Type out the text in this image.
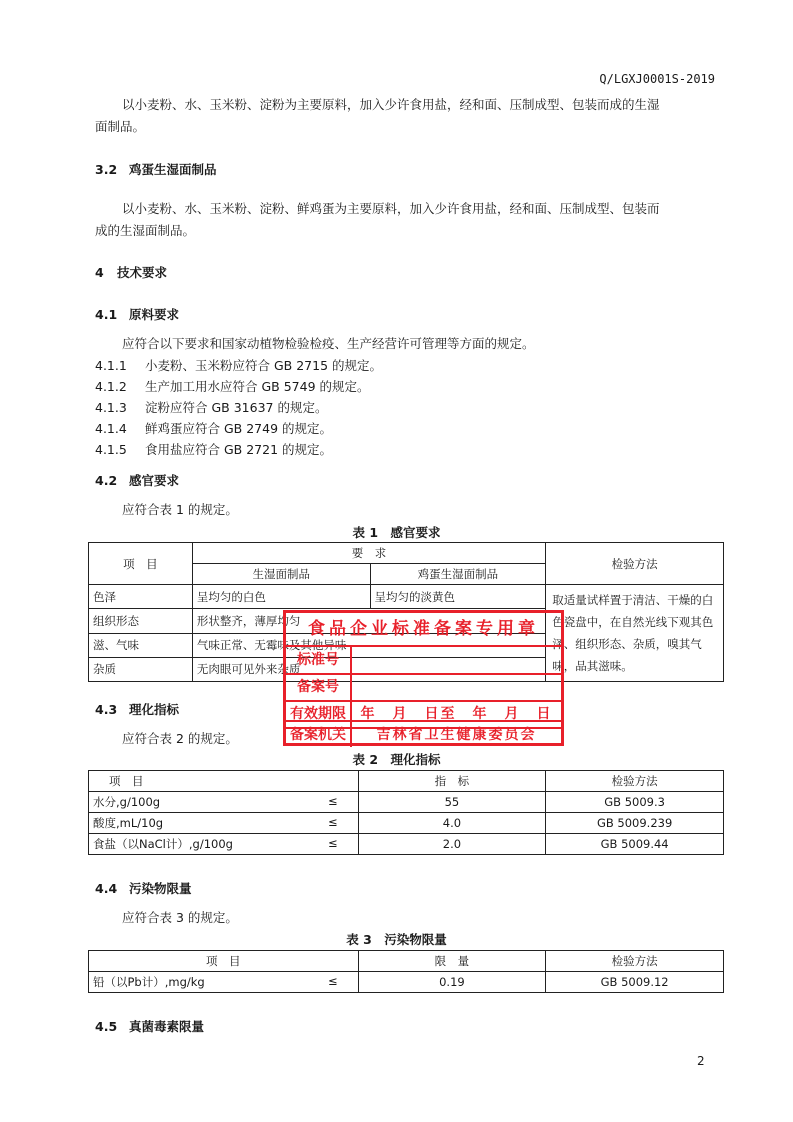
Q/LGXJ0001S-2019
以小麦粉、水、玉米粉、淀粉为主要原料，加入少许食用盐，经和面、压制成型、包装而成的生湿
面制品。
3.2 鸡蛋生湿面制品
以小麦粉、水、玉米粉、淀粉、鲜鸡蛋为主要原料，加入少许食用盐，经和面、压制成型、包装而
成的生湿面制品。
4 技术要求
4.1 原料要求
应符合以下要求和国家动植物检验检疫、生产经营许可管理等方面的规定。
4.1.1 小麦粉、玉米粉应符合 GB 2715 的规定。
4.1.2 生产加工用水应符合 GB 5749 的规定。
4.1.3 淀粉应符合 GB 31637 的规定。
4.1.4 鲜鸡蛋应符合 GB 2749 的规定。
4.1.5 食用盐应符合 GB 2721 的规定。
4.2 感官要求
应符合表 1 的规定。
表 1　感官要求
项　目	要　求		检验方法
	生湿面制品	鸡蛋生湿面制品	
色泽	呈均匀的白色	呈均匀的淡黄色	取适量试样置于清洁、干燥的白色瓷盘中，在自然光线下观其色泽、组织形态、杂质，嗅其气味，品其滋味。
组织形态	形状整齐，薄厚均匀		
滋、气味	气味正常、无霉味及其他异味		
杂质	无肉眼可见外来杂质		
4.3 理化指标
应符合表 2 的规定。
表 2　理化指标
项　目	指　标	检验方法
水分,g/100g ≤	55	GB 5009.3
酸度,mL/10g ≤	4.0	GB 5009.239
食盐（以NaCl计）,g/100g ≤	2.0	GB 5009.44
4.4 污染物限量
应符合表 3 的规定。
表 3　污染物限量
项　目	限　量	检验方法
铅（以Pb计）,mg/kg ≤	0.19	GB 5009.12
4.5 真菌毒素限量
2
食品企业标准备案专用章
标准号
备案号
有效期限	年　月　日至　年　月　日
备案机关	吉林省卫生健康委员会
